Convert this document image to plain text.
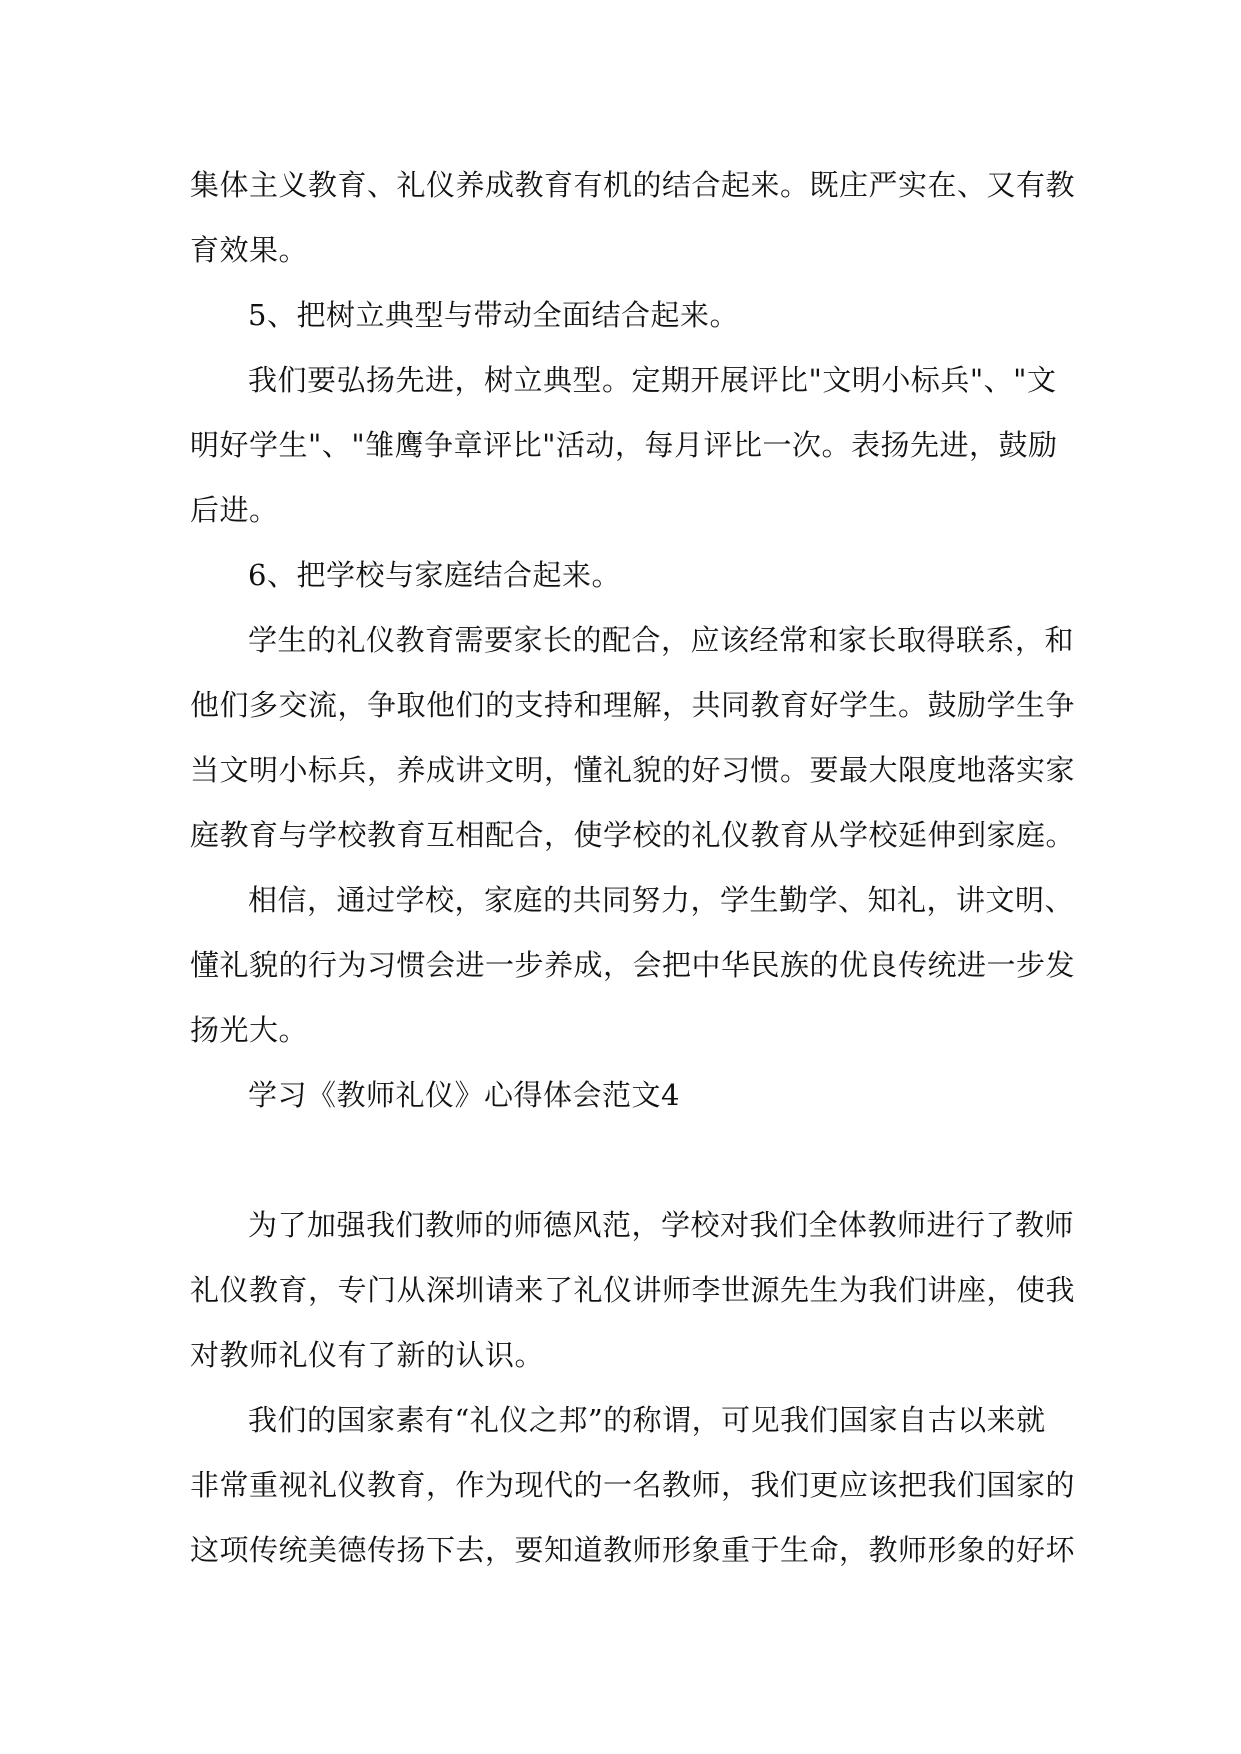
集体主义教育、礼仪养成教育有机的结合起来。既庄严实在、又有教
育效果。
5、把树立典型与带动全面结合起来。
我们要弘扬先进，树立典型。定期开展评比"文明小标兵"、"文
明好学生"、"雏鹰争章评比"活动，每月评比一次。表扬先进，鼓励
后进。
6、把学校与家庭结合起来。
学生的礼仪教育需要家长的配合，应该经常和家长取得联系，和
他们多交流，争取他们的支持和理解，共同教育好学生。鼓励学生争
当文明小标兵，养成讲文明，懂礼貌的好习惯。要最大限度地落实家
庭教育与学校教育互相配合，使学校的礼仪教育从学校延伸到家庭。
相信，通过学校，家庭的共同努力，学生勤学、知礼，讲文明、
懂礼貌的行为习惯会进一步养成，会把中华民族的优良传统进一步发
扬光大。
学习《教师礼仪》心得体会范文4
为了加强我们教师的师德风范，学校对我们全体教师进行了教师
礼仪教育，专门从深圳请来了礼仪讲师李世源先生为我们讲座，使我
对教师礼仪有了新的认识。
我们的国家素有“礼仪之邦”的称谓，可见我们国家自古以来就
非常重视礼仪教育，作为现代的一名教师，我们更应该把我们国家的
这项传统美德传扬下去，要知道教师形象重于生命，教师形象的好坏
